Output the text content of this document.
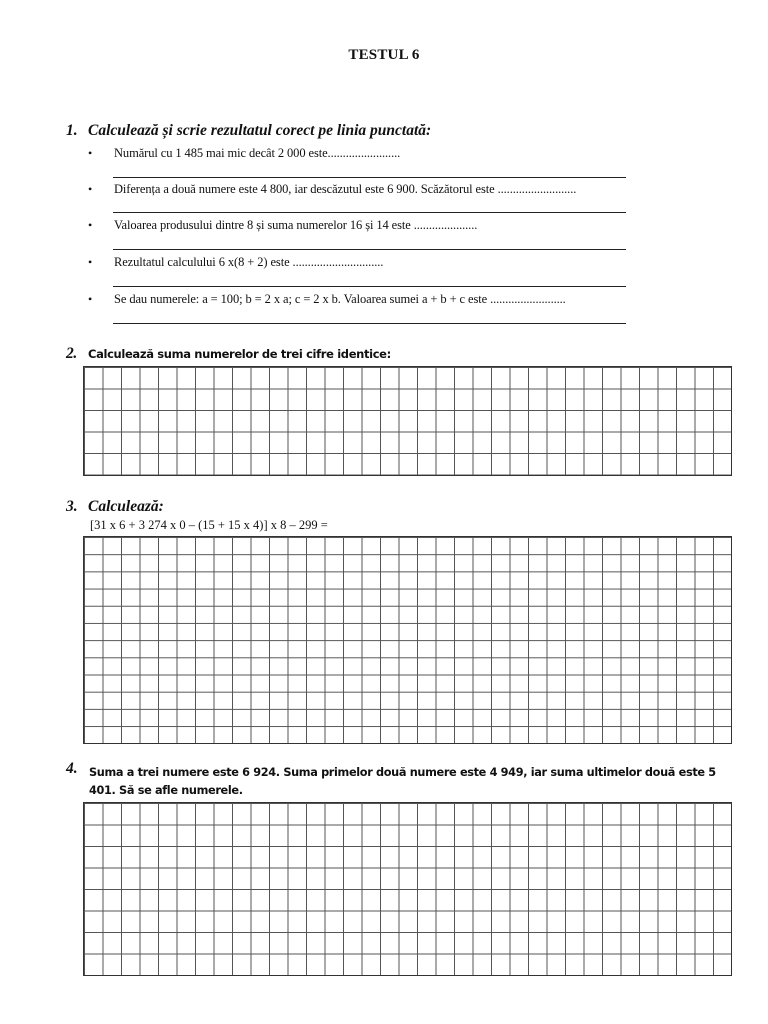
TESTUL 6
1. Calculează și scrie rezultatul corect pe linia punctată:
• Numărul cu 1 485 mai mic decât 2 000 este........................
• Diferența a două numere este 4 800, iar descăzutul este 6 900. Scăzătorul este ..........................
• Valoarea produsului dintre 8 și suma numerelor 16 și 14 este .....................
• Rezultatul calculului 6 x(8 + 2) este ..............................
• Se dau numerele: a = 100; b = 2 x a; c = 2 x b. Valoarea sumei a + b + c este .........................
2. Calculează suma numerelor de trei cifre identice:
3. Calculează:
[31 x 6 + 3 274 x 0 – (15 + 15 x 4)] x 8 – 299 =
4. Suma a trei numere este 6 924. Suma primelor două numere este 4 949, iar suma ultimelor două este 5 401. Să se afle numerele.
